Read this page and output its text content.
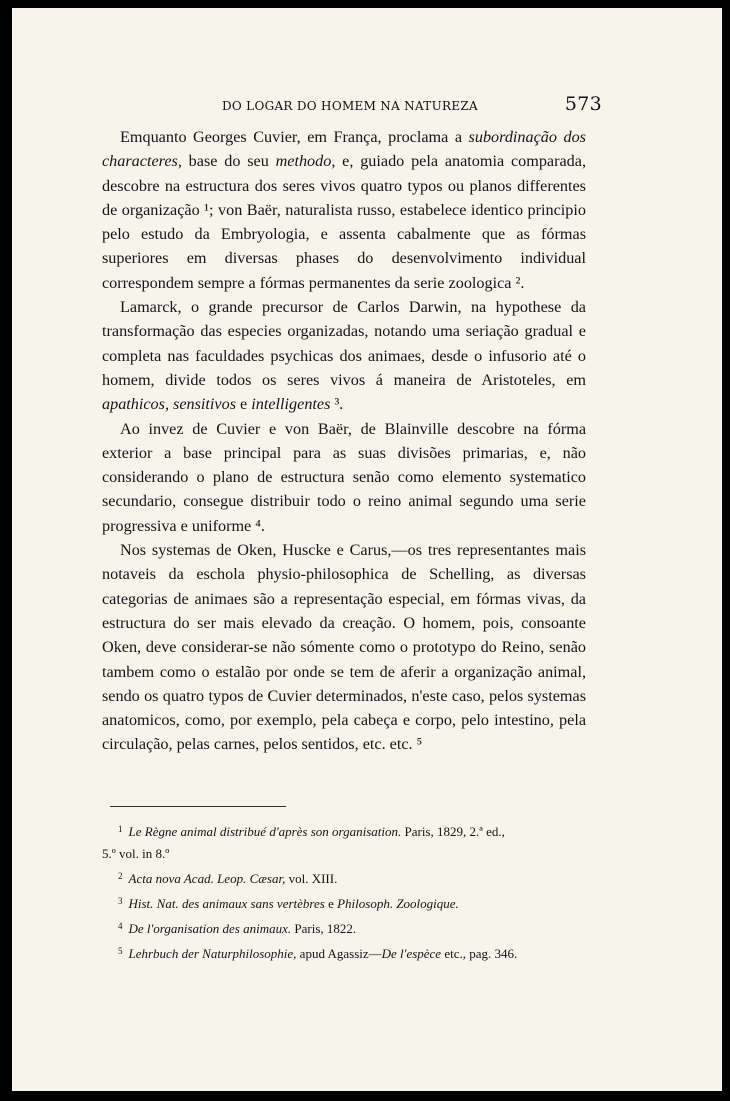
DO LOGAR DO HOMEM NA NATUREZA	573

Emquanto Georges Cuvier, em França, proclama a subordinação dos characteres, base do seu methodo, e, guiado pela anatomia comparada, descobre na estructura dos seres vivos quatro typos ou planos differentes de organização ¹; von Baër, naturalista russo, estabelece identico principio pelo estudo da Embryologia, e assenta cabalmente que as fórmas superiores em diversas phases do desenvolvimento individual correspondem sempre a fórmas permanentes da serie zoologica ².

Lamarck, o grande precursor de Carlos Darwin, na hypothese da transformação das especies organizadas, notando uma seriação gradual e completa nas faculdades psychicas dos animaes, desde o infusorio até o homem, divide todos os seres vivos á maneira de Aristoteles, em apathicos, sensitivos e intelligentes ³.

Ao invez de Cuvier e von Baër, de Blainville descobre na fórma exterior a base principal para as suas divisões primarias, e, não considerando o plano de estructura senão como elemento systematico secundario, consegue distribuir todo o reino animal segundo uma serie progressiva e uniforme ⁴.

Nos systemas de Oken, Huscke e Carus,—os tres representantes mais notaveis da eschola physio-philosophica de Schelling, as diversas categorias de animaes são a representação especial, em fórmas vivas, da estructura do ser mais elevado da creação. O homem, pois, consoante Oken, deve considerar-se não sómente como o prototypo do Reino, senão tambem como o estalão por onde se tem de aferir a organização animal, sendo os quatro typos de Cuvier determinados, n'este caso, pelos systemas anatomicos, como, por exemplo, pela cabeça e corpo, pelo intestino, pela circulação, pelas carnes, pelos sentidos, etc. etc. ⁵

$^1$ Le Règne animal distribué d'après son organisation. Paris, 1829, 2.ª ed.,
5.º vol. in 8.º
$^2$ Acta nova Acad. Leop. Cæsar, vol. XIII.
$^3$ Hist. Nat. des animaux sans vertèbres e Philosoph. Zoologique.
$^4$ De l'organisation des animaux. Paris, 1822.
$^5$ Lehrbuch der Naturphilosophie, apud Agassiz—De l'espèce etc., pag. 346.
